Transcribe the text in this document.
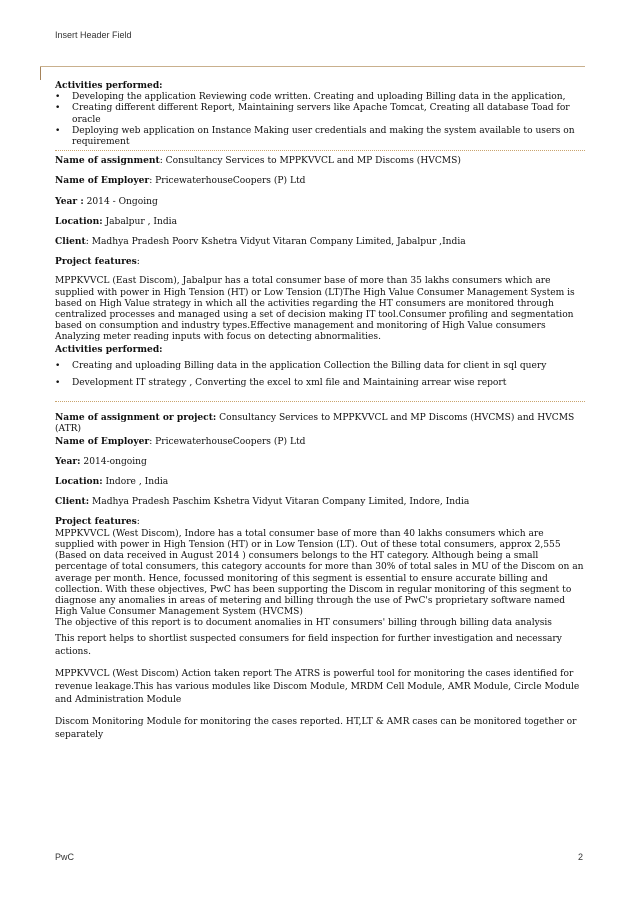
Insert Header Field
Activities performed:
• Developing the application Reviewing code written. Creating and uploading Billing data in the application,
• Creating different different Report, Maintaining servers like Apache Tomcat, Creating all database Toad for oracle
• Deploying web application on Instance Making user credentials and making the system available to users on requirement
Name of assignment: Consultancy Services to MPPKVVCL and MP Discoms (HVCMS)
Name of Employer: PricewaterhouseCoopers (P) Ltd
Year : 2014 - Ongoing
Location: Jabalpur , India
Client: Madhya Pradesh Poorv Kshetra Vidyut Vitaran Company Limited, Jabalpur ,India
Project features:
MPPKVVCL (East Discom), Jabalpur has a total consumer base of more than 35 lakhs consumers which are supplied with power in High Tension (HT) or Low Tension (LT)The High Value Consumer Management System is based on High Value strategy in which all the activities regarding the HT consumers are monitored through centralized processes and managed using a set of decision making IT tool.Consumer profiling and segmentation based on consumption and industry types.Effective management and monitoring of High Value consumers Analyzing meter reading inputs with focus on detecting abnormalities.
Activities performed:
• Creating and uploading Billing data in the application Collection the Billing data for client in sql query
• Development IT strategy , Converting the excel to xml file and Maintaining arrear wise report
Name of assignment or project: Consultancy Services to MPPKVVCL and MP Discoms (HVCMS) and HVCMS (ATR)
Name of Employer: PricewaterhouseCoopers (P) Ltd
Year: 2014-ongoing
Location: Indore , India
Client: Madhya Pradesh Paschim Kshetra Vidyut Vitaran Company Limited, Indore, India
Project features:
MPPKVVCL (West Discom), Indore has a total consumer base of more than 40 lakhs consumers which are supplied with power in High Tension (HT) or in Low Tension (LT). Out of these total consumers, approx 2,555 (Based on data received in August 2014 ) consumers belongs to the HT category. Although being a small percentage of total consumers, this category accounts for more than 30% of total sales in MU of the Discom on an average per month. Hence, focussed monitoring of this segment is essential to ensure accurate billing and collection. With these objectives, PwC has been supporting the Discom in regular monitoring of this segment to diagnose any anomalies in areas of metering and billing through the use of PwC's proprietary software named High Value Consumer Management System (HVCMS)
The objective of this report is to document anomalies in HT consumers' billing through billing data analysis
This report helps to shortlist suspected consumers for field inspection for further investigation and necessary actions.
MPPKVVCL (West Discom) Action taken report The ATRS is powerful tool for monitoring the cases identified for revenue leakage.This has various modules like Discom Module, MRDM Cell Module, AMR Module, Circle Module and Administration Module
Discom Monitoring Module for monitoring the cases reported. HT,LT & AMR cases can be monitored together or separately
PwC	2
